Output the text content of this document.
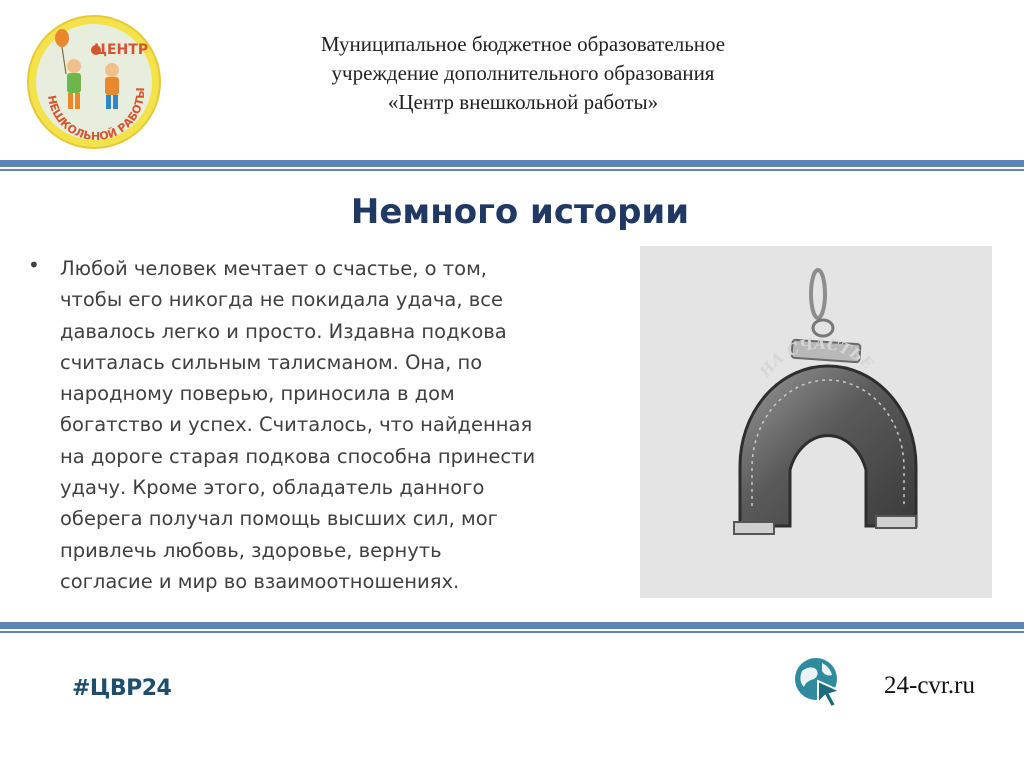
ЦЕНТР
НЕШКОЛЬНОЙ РАБОТЫ
Муниципальное бюджетное образовательное
учреждение дополнительного образования
«Центр внешкольной работы»
Немного истории
• Любой человек мечтает о счастье, о том,
чтобы его никогда не покидала удача, все
давалось легко и просто. Издавна подкова
считалась сильным талисманом. Она, по
народному поверью, приносила в дом
богатство и успех. Считалось, что найденная
на дороге старая подкова способна принести
удачу. Кроме этого, обладатель данного
оберега получал помощь высших сил, мог
привлечь любовь, здоровье, вернуть
согласие и мир во взаимоотношениях.
НА СЧАСТЬЕ
#ЦВР24	24-cvr.ru
